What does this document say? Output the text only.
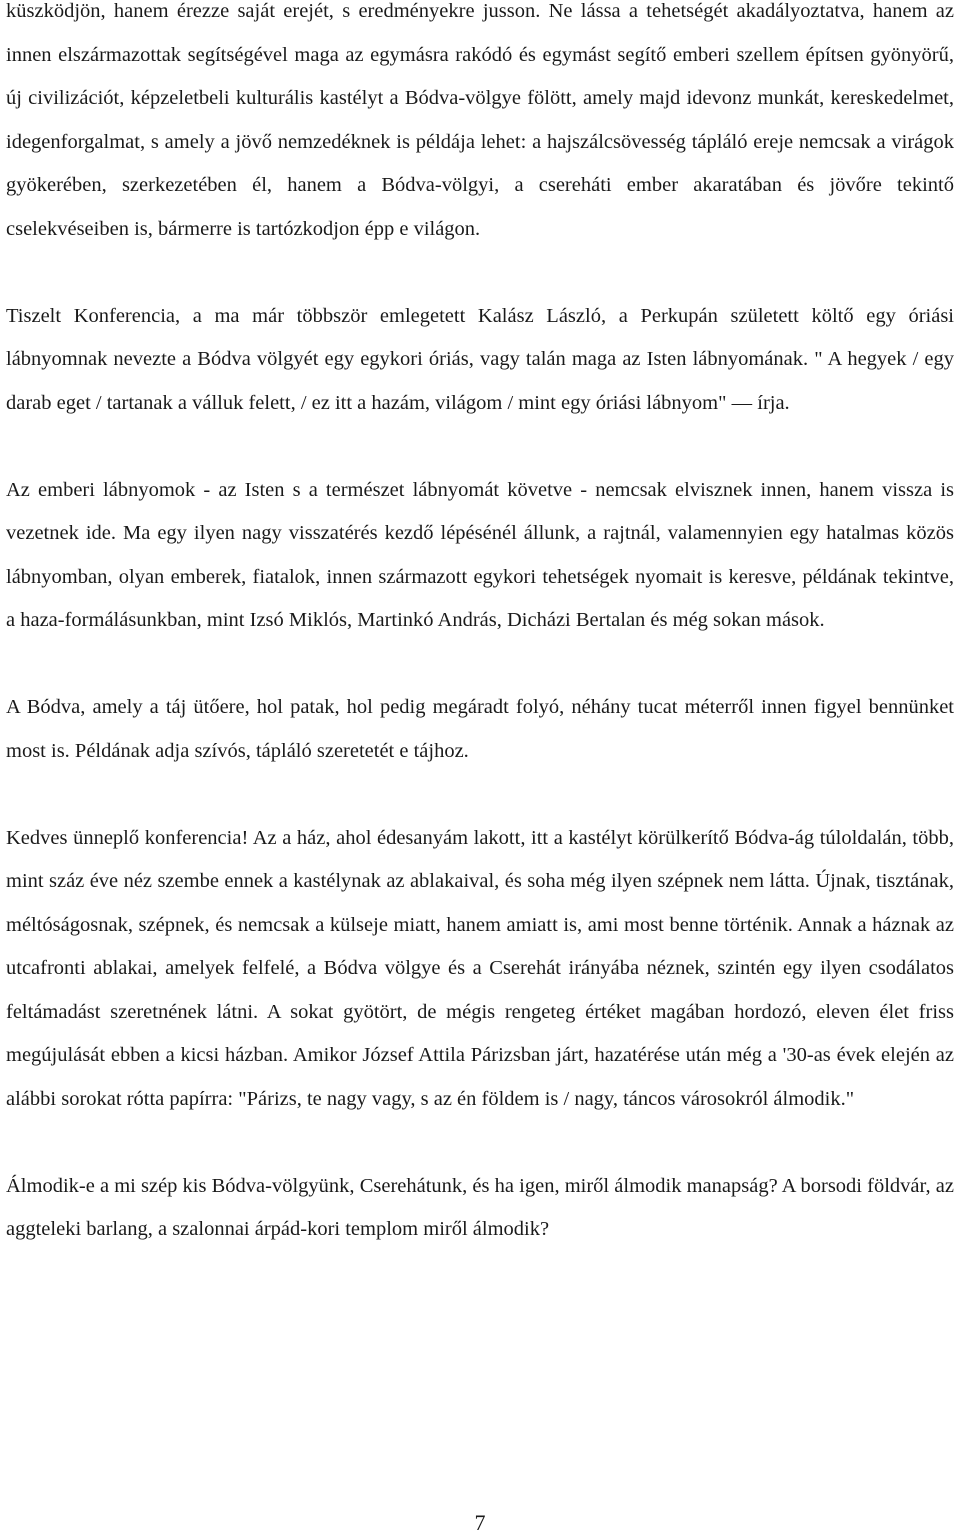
küszködjön, hanem érezze saját erejét, s eredményekre jusson. Ne lássa a tehetségét akadályoztatva, hanem az innen elszármazottak segítségével maga az egymásra rakódó és egymást segítő emberi szellem építsen gyönyörű, új civilizációt, képzeletbeli kulturális kastélyt a Bódva-völgye fölött, amely majd idevonz munkát, kereskedelmet, idegenforgalmat, s amely a jövő nemzedéknek is példája lehet: a hajszálcsövesség tápláló ereje nemcsak a virágok gyökerében, szerkezetében él, hanem a Bódva-völgyi, a csereháti ember akaratában és jövőre tekintő cselekvéseiben is, bármerre is tartózkodjon épp e világon.

Tiszelt Konferencia, a ma már többször emlegetett Kalász László, a Perkupán született költő egy óriási lábnyomnak nevezte a Bódva völgyét egy egykori óriás, vagy talán maga az Isten lábnyomának. " A hegyek / egy darab eget / tartanak a válluk felett, / ez itt a hazám, világom / mint egy óriási lábnyom" ― írja.

Az emberi lábnyomok - az Isten s a természet lábnyomát követve - nemcsak elvisznek innen, hanem vissza is vezetnek ide. Ma egy ilyen nagy visszatérés kezdő lépésénél állunk, a rajtnál, valamennyien egy hatalmas közös lábnyomban, olyan emberek, fiatalok, innen származott egykori tehetségek nyomait is keresve, példának tekintve, a haza-formálásunkban, mint Izsó Miklós, Martinkó András, Dicházi Bertalan és még sokan mások.

A Bódva, amely a táj ütőere, hol patak, hol pedig megáradt folyó, néhány tucat méterről innen figyel bennünket most is. Példának adja szívós, tápláló szeretetét e tájhoz.

Kedves ünneplő konferencia! Az a ház, ahol édesanyám lakott, itt a kastélyt körülkerítő Bódva-ág túloldalán, több, mint száz éve néz szembe ennek a kastélynak az ablakaival, és soha még ilyen szépnek nem látta. Újnak, tisztának, méltóságosnak, szépnek, és nemcsak a külseje miatt, hanem amiatt is, ami most benne történik. Annak a háznak az utcafronti ablakai, amelyek felfelé, a Bódva völgye és a Cserehát irányába néznek, szintén egy ilyen csodálatos feltámadást szeretnének látni. A sokat gyötört, de mégis rengeteg értéket magában hordozó, eleven élet friss megújulását ebben a kicsi házban. Amikor József Attila Párizsban járt, hazatérése után még a '30-as évek elején az alábbi sorokat rótta papírra: "Párizs, te nagy vagy, s az én földem is / nagy, táncos városokról álmodik."

Álmodik-e a mi szép kis Bódva-völgyünk, Cserehátunk, és ha igen, miről álmodik manapság? A borsodi földvár, az aggteleki barlang, a szalonnai árpád-kori templom miről álmodik?

7
